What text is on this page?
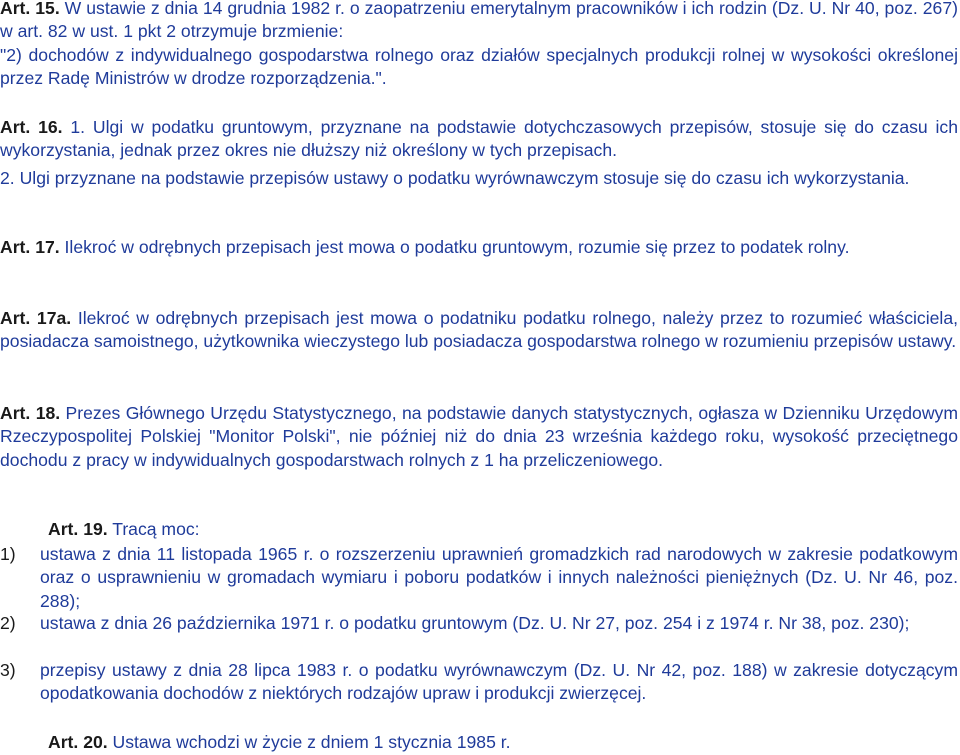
Art. 15. W ustawie z dnia 14 grudnia 1982 r. o zaopatrzeniu emerytalnym pracowników i ich rodzin (Dz. U. Nr 40, poz. 267) w art. 82 w ust. 1 pkt 2 otrzymuje brzmienie:

"2) dochodów z indywidualnego gospodarstwa rolnego oraz działów specjalnych produkcji rolnej w wysokości określonej przez Radę Ministrów w drodze rozporządzenia.".

Art. 16. 1. Ulgi w podatku gruntowym, przyznane na podstawie dotychczasowych przepisów, stosuje się do czasu ich wykorzystania, jednak przez okres nie dłuższy niż określony w tych przepisach.

2. Ulgi przyznane na podstawie przepisów ustawy o podatku wyrównawczym stosuje się do czasu ich wykorzystania.

Art. 17. Ilekroć w odrębnych przepisach jest mowa o podatku gruntowym, rozumie się przez to podatek rolny.

Art. 17a. Ilekroć w odrębnych przepisach jest mowa o podatniku podatku rolnego, należy przez to rozumieć właściciela, posiadacza samoistnego, użytkownika wieczystego lub posiadacza gospodarstwa rolnego w rozumieniu przepisów ustawy.

Art. 18. Prezes Głównego Urzędu Statystycznego, na podstawie danych statystycznych, ogłasza w Dzienniku Urzędowym Rzeczypospolitej Polskiej "Monitor Polski", nie później niż do dnia 23 września każdego roku, wysokość przeciętnego dochodu z pracy w indywidualnych gospodarstwach rolnych z 1 ha przeliczeniowego.

Art. 19. Tracą moc:

1)	ustawa z dnia 11 listopada 1965 r. o rozszerzeniu uprawnień gromadzkich rad narodowych w zakresie podatkowym oraz o usprawnieniu w gromadach wymiaru i poboru podatków i innych należności pieniężnych (Dz. U. Nr 46, poz. 288);
2)	ustawa z dnia 26 października 1971 r. o podatku gruntowym (Dz. U. Nr 27, poz. 254 i z 1974 r. Nr 38, poz. 230);
3)	przepisy ustawy z dnia 28 lipca 1983 r. o podatku wyrównawczym (Dz. U. Nr 42, poz. 188) w zakresie dotyczącym opodatkowania dochodów z niektórych rodzajów upraw i produkcji zwierzęcej.

Art. 20. Ustawa wchodzi w życie z dniem 1 stycznia 1985 r.
